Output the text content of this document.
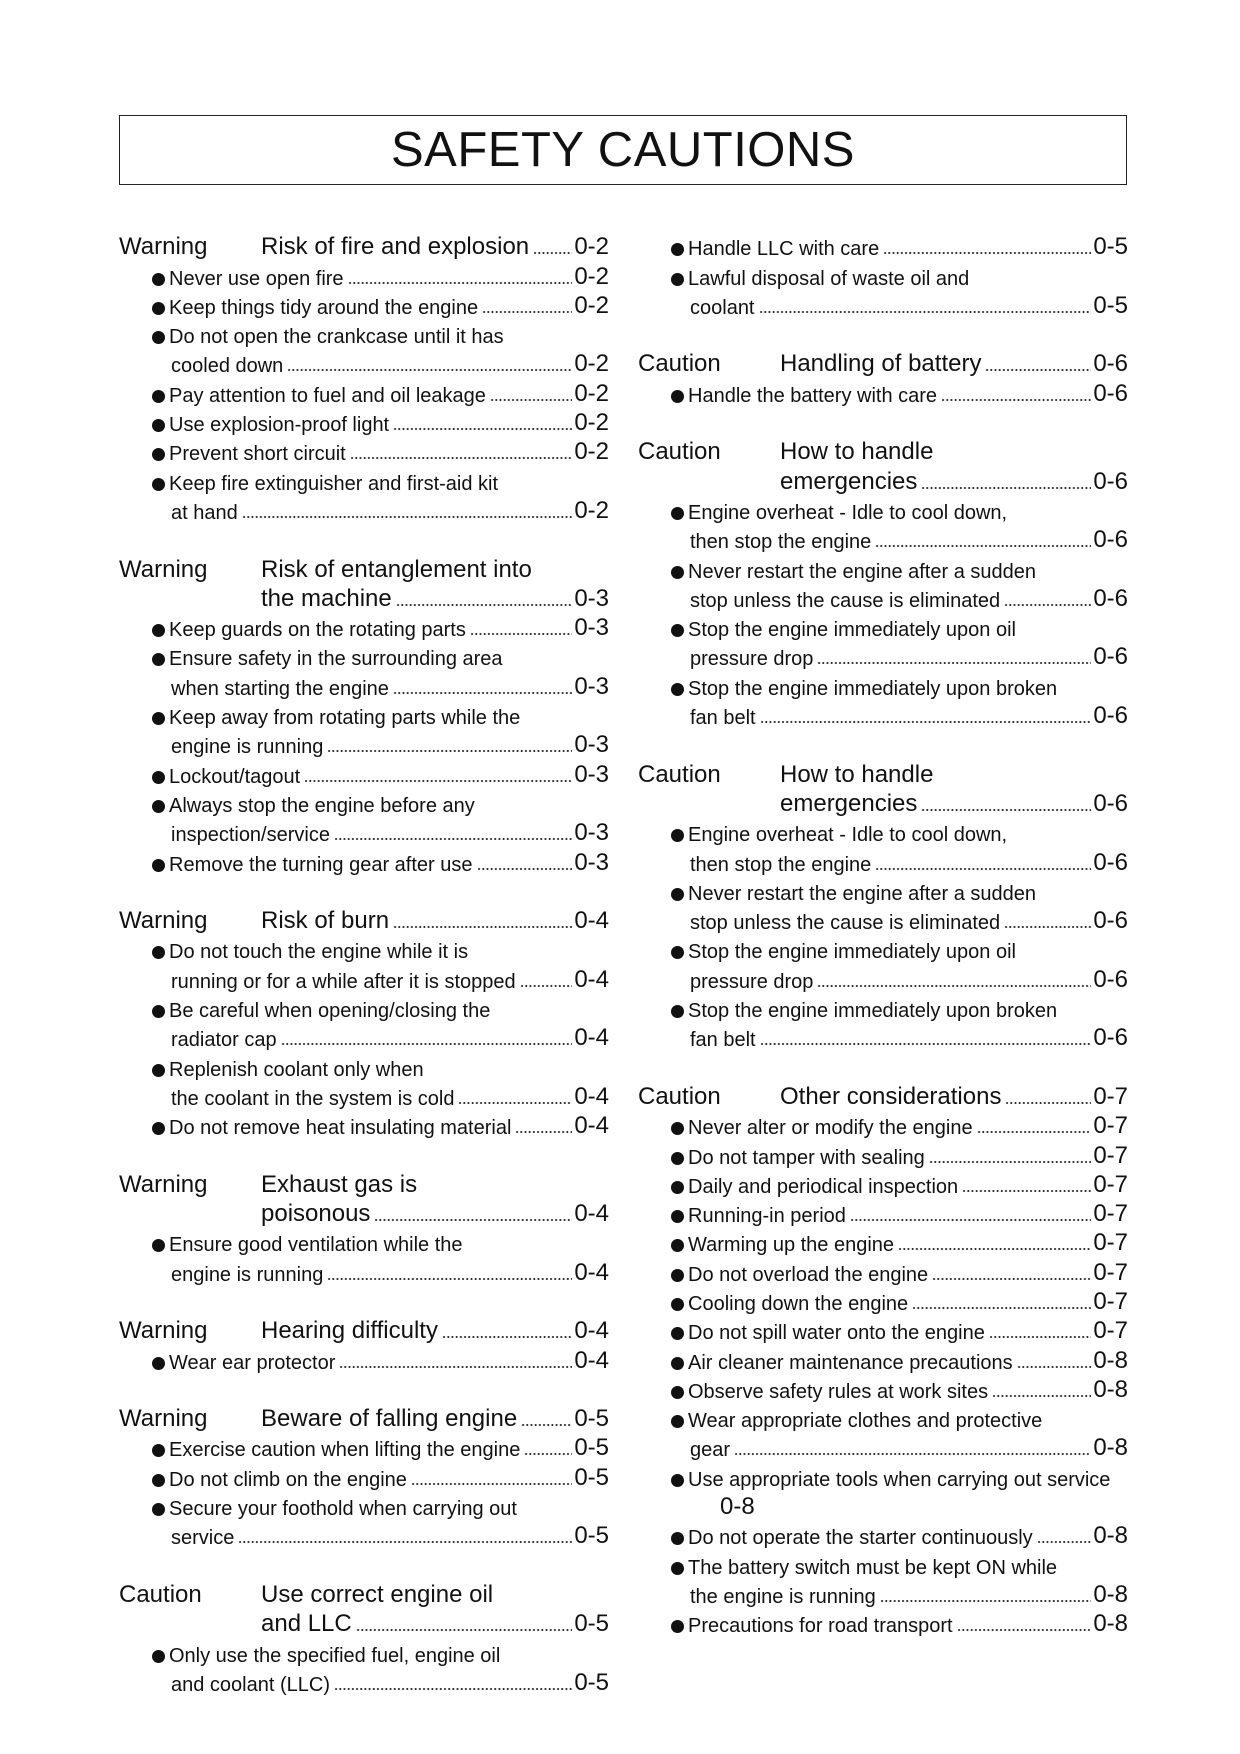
SAFETY CAUTIONS
Warning	Risk of fire and explosion 0-2
Never use open fire	0-2
Keep things tidy around the engine	0-2
Do not open the crankcase until it has
cooled down	0-2
Pay attention to fuel and oil leakage	0-2
Use explosion-proof light	0-2
Prevent short circuit	0-2
Keep fire extinguisher and first-aid kit
at hand	0-2
Warning	Risk of entanglement into
the machine	0-3
Keep guards on the rotating parts	0-3
Ensure safety in the surrounding area
when starting the engine	0-3
Keep away from rotating parts while the
engine is running	0-3
Lockout/tagout	0-3
Always stop the engine before any
inspection/service	0-3
Remove the turning gear after use	0-3
Warning	Risk of burn	0-4
Do not touch the engine while it is
running or for a while after it is stopped 0-4
Be careful when opening/closing the
radiator cap	0-4
Replenish coolant only when
the coolant in the system is cold	0-4
Do not remove heat insulating material	0-4
Warning	Exhaust gas is
poisonous	0-4
Ensure good ventilation while the
engine is running	0-4
Warning	Hearing difficulty	0-4
Wear ear protector	0-4
Warning	Beware of falling engine 0-5
Exercise caution when lifting the engine 0-5
Do not climb on the engine	0-5
Secure your foothold when carrying out
service	0-5
Caution	Use correct engine oil
and LLC	0-5
Only use the specified fuel, engine oil
and coolant (LLC)	0-5
Handle LLC with care	0-5
Lawful disposal of waste oil and
coolant	0-5
Caution	Handling of battery	0-6
Handle the battery with care	0-6
Caution	How to handle
emergencies	0-6
Engine overheat - Idle to cool down,
then stop the engine	0-6
Never restart the engine after a sudden
stop unless the cause is eliminated	0-6
Stop the engine immediately upon oil
pressure drop	0-6
Stop the engine immediately upon broken
fan belt	0-6
Caution	How to handle
emergencies	0-6
Engine overheat - Idle to cool down,
then stop the engine	0-6
Never restart the engine after a sudden
stop unless the cause is eliminated	0-6
Stop the engine immediately upon oil
pressure drop	0-6
Stop the engine immediately upon broken
fan belt	0-6
Caution	Other considerations	0-7
Never alter or modify the engine	0-7
Do not tamper with sealing	0-7
Daily and periodical inspection	0-7
Running-in period	0-7
Warming up the engine	0-7
Do not overload the engine	0-7
Cooling down the engine	0-7
Do not spill water onto the engine	0-7
Air cleaner maintenance precautions	0-8
Observe safety rules at work sites	0-8
Wear appropriate clothes and protective
gear	0-8
Use appropriate tools when carrying out service
0-8
Do not operate the starter continuously	0-8
The battery switch must be kept ON while
the engine is running	0-8
Precautions for road transport	0-8
